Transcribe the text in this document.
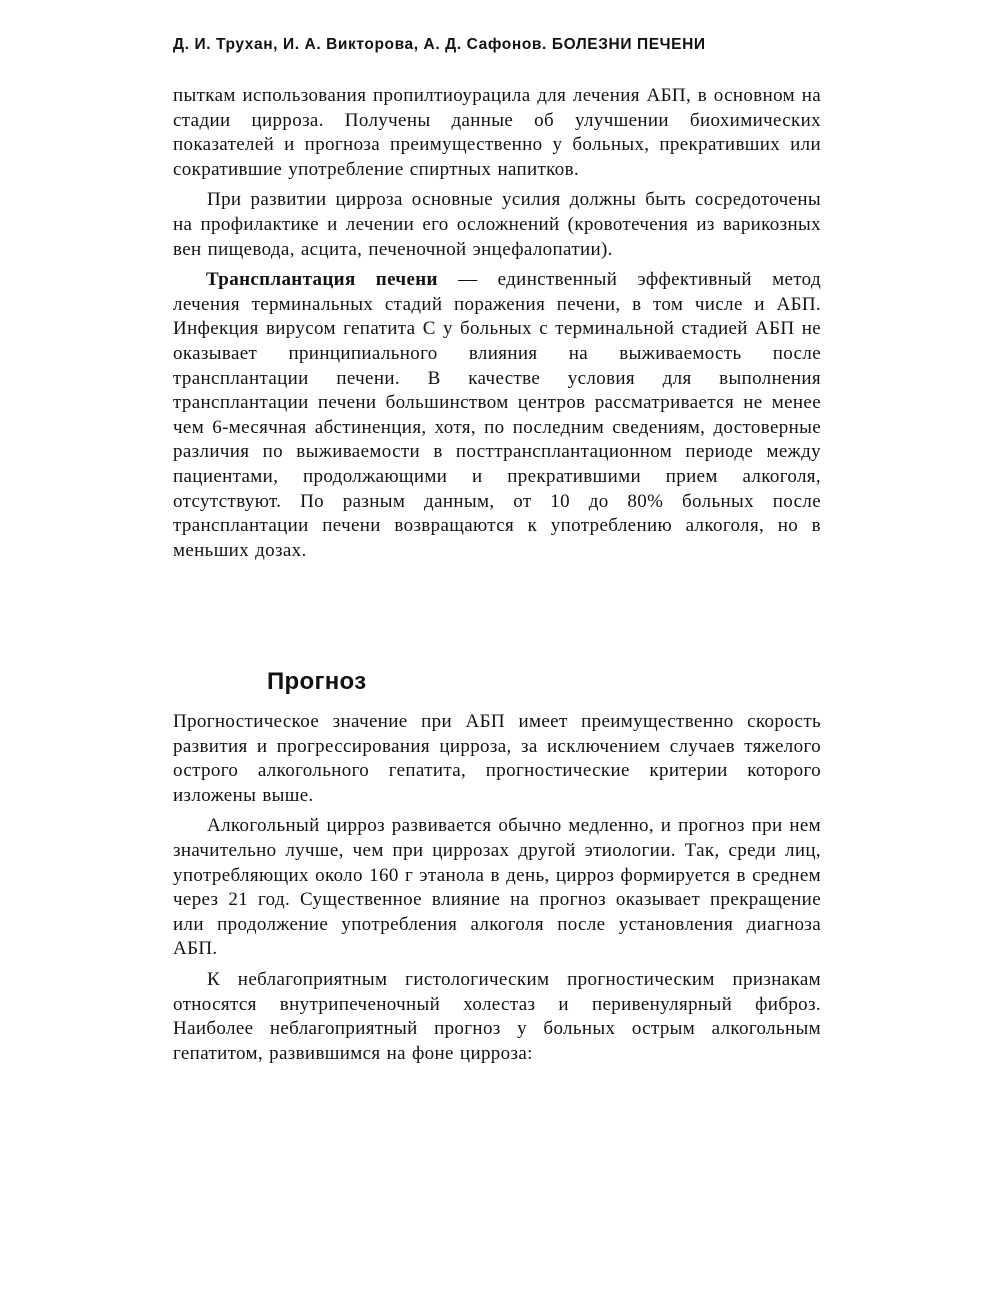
Д. И. Трухан, И. А. Викторова, А. Д. Сафонов. БОЛЕЗНИ ПЕЧЕНИ

пыткам использования пропилтиоурацила для лечения АБП, в основном на стадии цирроза. Получены данные об улучшении биохимических показателей и прогноза преимущественно у больных, прекративших или сократившие употребление спиртных напитков.

При развитии цирроза основные усилия должны быть сосредоточены на профилактике и лечении его осложнений (кровотечения из варикозных вен пищевода, асцита, печеночной энцефалопатии).

Трансплантация печени — единственный эффективный метод лечения терминальных стадий поражения печени, в том числе и АБП. Инфекция вирусом гепатита С у больных с терминальной стадией АБП не оказывает принципиального влияния на выживаемость после трансплантации печени. В качестве условия для выполнения трансплантации печени большинством центров рассматривается не менее чем 6-месячная абстиненция, хотя, по последним сведениям, достоверные различия по выживаемости в посттрансплантационном периоде между пациентами, продолжающими и прекратившими прием алкоголя, отсутствуют. По разным данным, от 10 до 80% больных после трансплантации печени возвращаются к употреблению алкоголя, но в меньших дозах.

Прогноз

Прогностическое значение при АБП имеет преимущественно скорость развития и прогрессирования цирроза, за исключением случаев тяжелого острого алкогольного гепатита, прогностические критерии которого изложены выше.

Алкогольный цирроз развивается обычно медленно, и прогноз при нем значительно лучше, чем при циррозах другой этиологии. Так, среди лиц, употребляющих около 160 г этанола в день, цирроз формируется в среднем через 21 год. Существенное влияние на прогноз оказывает прекращение или продолжение употребления алкоголя после установления диагноза АБП.

К неблагоприятным гистологическим прогностическим признакам относятся внутрипеченочный холестаз и перивенулярный фиброз. Наиболее неблагоприятный прогноз у больных острым алкогольным гепатитом, развившимся на фоне цирроза:
